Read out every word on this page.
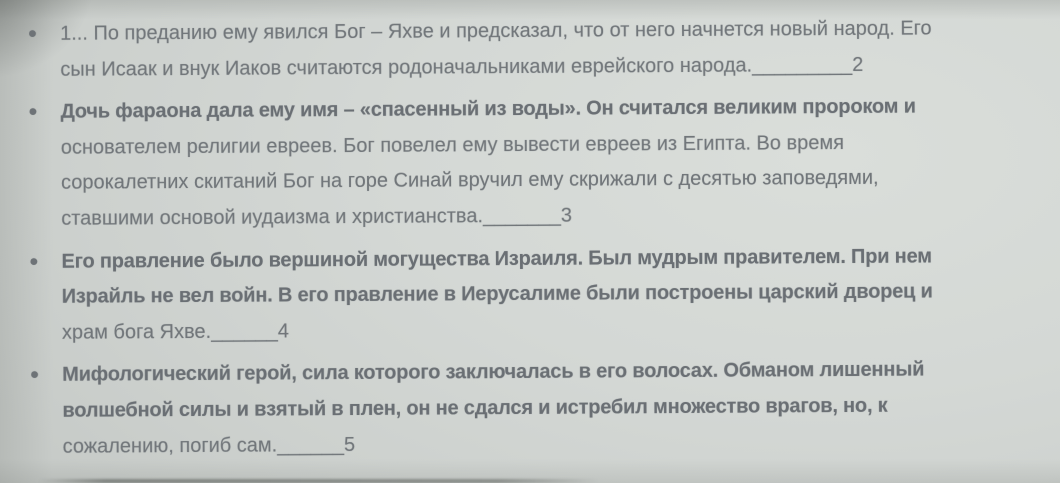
•	1... По преданию ему явился Бог – Яхве и предсказал, что от него начнется новый народ. Его
сын Исаак и внук Иаков считаются родоначальниками еврейского народа._________2
•	Дочь фараона дала ему имя – «спасенный из воды». Он считался великим пророком и
основателем религии евреев. Бог повелел ему вывести евреев из Египта. Во время
сорокалетних скитаний Бог на горе Синай вручил ему скрижали с десятью заповедями,
ставшими основой иудаизма и христианства._______3
•	Его правление было вершиной могущества Израиля. Был мудрым правителем. При нем
Израйль не вел войн. В его правление в Иерусалиме были построены царский дворец и
храм бога Яхве.______4
•	Мифологический герой, сила которого заключалась в его волосах. Обманом лишенный
волшебной силы и взятый в плен, он не сдался и истребил множество врагов, но, к
сожалению, погиб сам.______5
